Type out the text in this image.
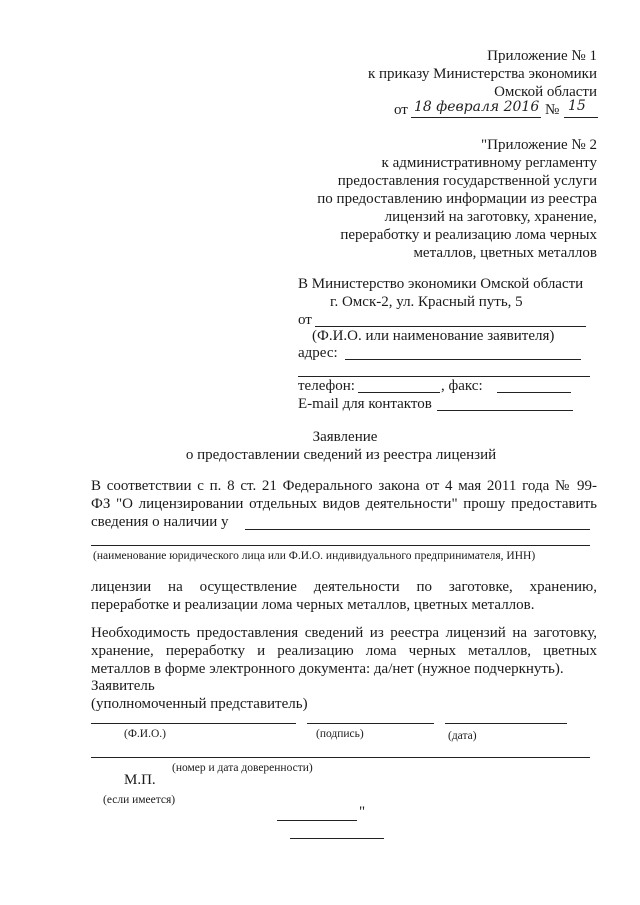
Приложение № 1
к приказу Министерства экономики
Омской области
от 18 февраля 2016 № 15
"Приложение № 2
к административному регламенту
предоставления государственной услуги
по предоставлению информации из реестра
лицензий на заготовку, хранение,
переработку и реализацию лома черных
металлов, цветных металлов
В Министерство экономики Омской области
г. Омск-2, ул. Красный путь, 5
от
(Ф.И.О. или наименование заявителя)
адрес:
телефон:	, факс:
E-mail для контактов
Заявление
о предоставлении сведений из реестра лицензий
В соответствии с п. 8 ст. 21 Федерального закона от 4 мая 2011 года № 99-
ФЗ "О лицензировании отдельных видов деятельности" прошу предоставить
сведения о наличии у
(наименование юридического лица или Ф.И.О. индивидуального предпринимателя, ИНН)
лицензии на осуществление деятельности по заготовке, хранению,
переработке и реализации лома черных металлов, цветных металлов.
Необходимость предоставления сведений из реестра лицензий на заготовку,
хранение, переработку и реализацию лома черных металлов, цветных
металлов в форме электронного документа: да/нет (нужное подчеркнуть).
Заявитель
(уполномоченный представитель)
(Ф.И.О.)	(подпись)	(дата)
(номер и дата доверенности)
М.П.
(если имеется)
"
